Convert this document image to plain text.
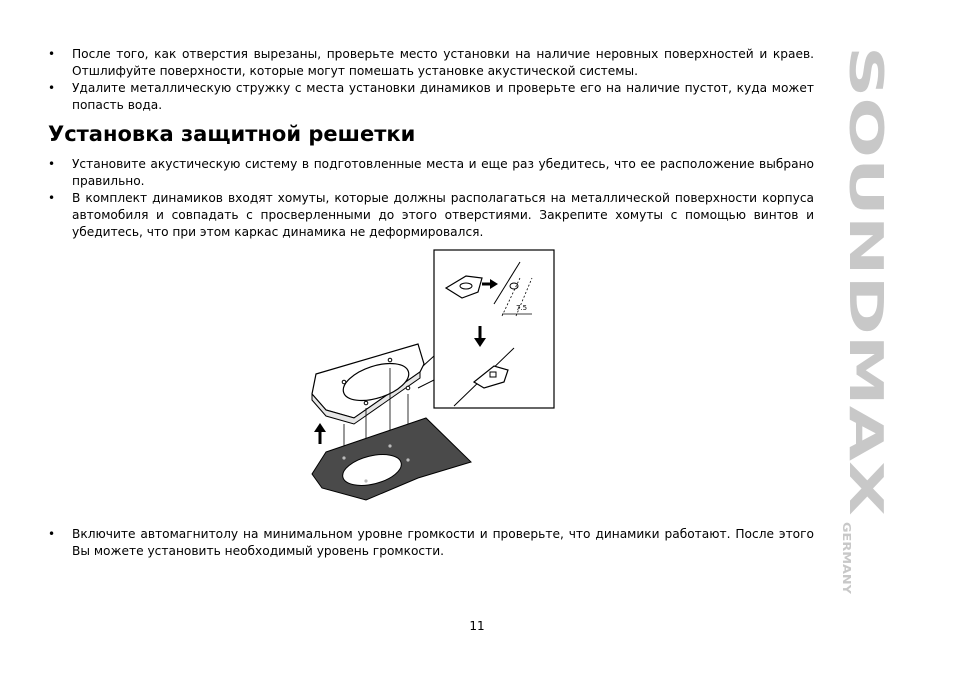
• После того, как отверстия вырезаны, проверьте место установки на наличие неровных поверхностей и краев. Отшлифуйте поверхности, которые могут помешать установке акустической системы.
• Удалите металлическую стружку с места установки динамиков и проверьте его на наличие пустот, куда может попасть вода.
Установка защитной решетки
• Установите акустическую систему в подготовленные места и еще раз убедитесь, что ее расположение выбрано правильно.
• В комплект динамиков входят хомуты, которые должны располагаться на металлической поверхности корпуса автомобиля и совпадать с просверленными до этого отверстиями. Закрепите хомуты с помощью винтов и убедитесь, что при этом каркас динамика не деформировался.
7.5
• Включите автомагнитолу на минимальном уровне громкости и проверьте, что динамики работают. После этого Вы можете установить необходимый уровень громкости.
11
SOUNDMAX
GERMANY
